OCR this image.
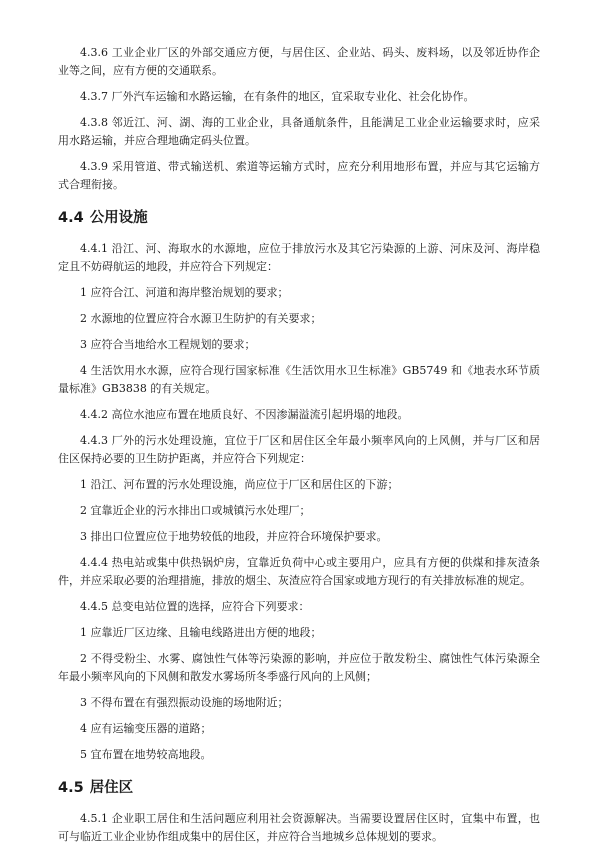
4.3.6 工业企业厂区的外部交通应方便，与居住区、企业站、码头、废料场，以及邻近协作企业等之间，应有方便的交通联系。

4.3.7 厂外汽车运输和水路运输，在有条件的地区，宜采取专业化、社会化协作。

4.3.8 邻近江、河、湖、海的工业企业，具备通航条件，且能满足工业企业运输要求时，应采用水路运输，并应合理地确定码头位置。

4.3.9 采用管道、带式输送机、索道等运输方式时，应充分利用地形布置，并应与其它运输方式合理衔接。

4.4 公用设施

4.4.1 沿江、河、海取水的水源地，应位于排放污水及其它污染源的上游、河床及河、海岸稳定且不妨碍航运的地段，并应符合下列规定：

1 应符合江、河道和海岸整治规划的要求；

2 水源地的位置应符合水源卫生防护的有关要求；

3 应符合当地给水工程规划的要求；

4 生活饮用水水源，应符合现行国家标准《生活饮用水卫生标准》GB5749 和《地表水环节质量标准》GB3838 的有关规定。

4.4.2 高位水池应布置在地质良好、不因渗漏溢流引起坍塌的地段。

4.4.3 厂外的污水处理设施，宜位于厂区和居住区全年最小频率风向的上风侧，并与厂区和居住区保持必要的卫生防护距离，并应符合下列规定：

1 沿江、河布置的污水处理设施，尚应位于厂区和居住区的下游；

2 宜靠近企业的污水排出口或城镇污水处理厂；

3 排出口位置应位于地势较低的地段，并应符合环境保护要求。

4.4.4 热电站或集中供热锅炉房，宜靠近负荷中心或主要用户，应具有方便的供煤和排灰渣条件，并应采取必要的治理措施，排放的烟尘、灰渣应符合国家或地方现行的有关排放标准的规定。

4.4.5 总变电站位置的选择，应符合下列要求：

1 应靠近厂区边缘、且输电线路进出方便的地段；

2 不得受粉尘、水雾、腐蚀性气体等污染源的影响，并应位于散发粉尘、腐蚀性气体污染源全年最小频率风向的下风侧和散发水雾场所冬季盛行风向的上风侧；

3 不得布置在有强烈振动设施的场地附近；

4 应有运输变压器的道路；

5 宜布置在地势较高地段。

4.5 居住区

4.5.1 企业职工居住和生活问题应利用社会资源解决。当需要设置居住区时，宜集中布置，也可与临近工业企业协作组成集中的居住区，并应符合当地城乡总体规划的要求。
